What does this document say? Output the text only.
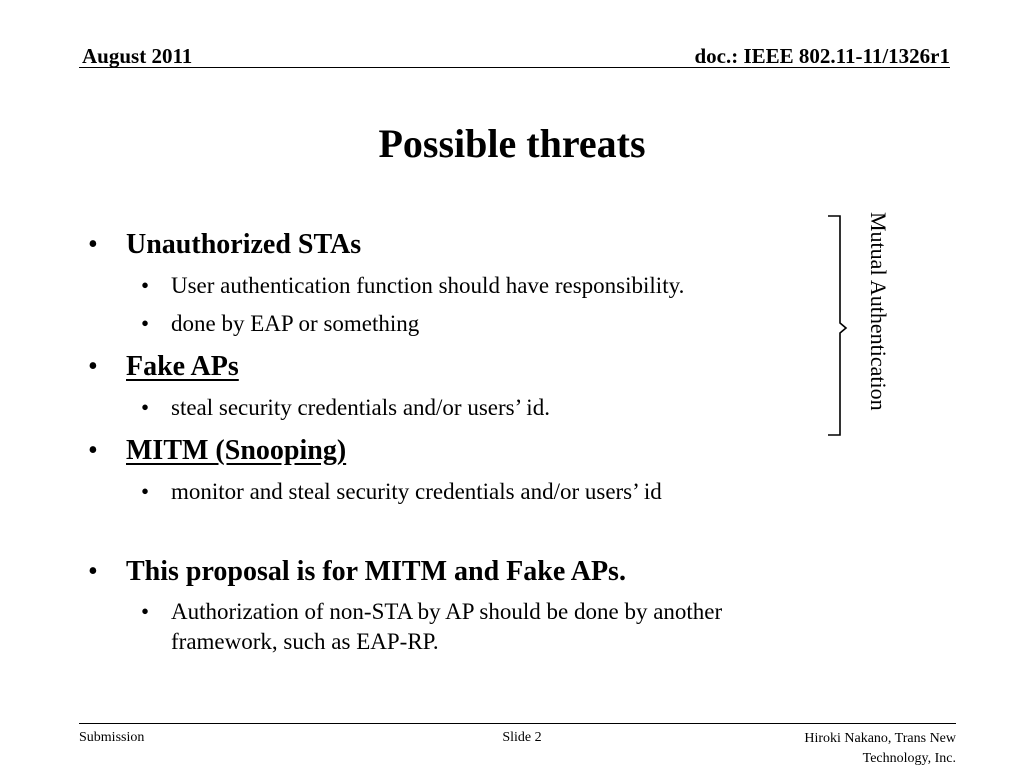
August 2011	doc.: IEEE 802.11-11/1326r1
Possible threats
• Unauthorized STAs
• User authentication function should have responsibility.
• done by EAP or something
• Fake APs
• steal security credentials and/or users’ id.
• MITM (Snooping)
• monitor and steal security credentials and/or users’ id
• This proposal is for MITM and Fake APs.
• Authorization of non-STA by AP should be done by another
framework, such as EAP-RP.
Mutual Authentication
Submission	Slide 2	Hiroki Nakano, Trans New
Technology, Inc.
